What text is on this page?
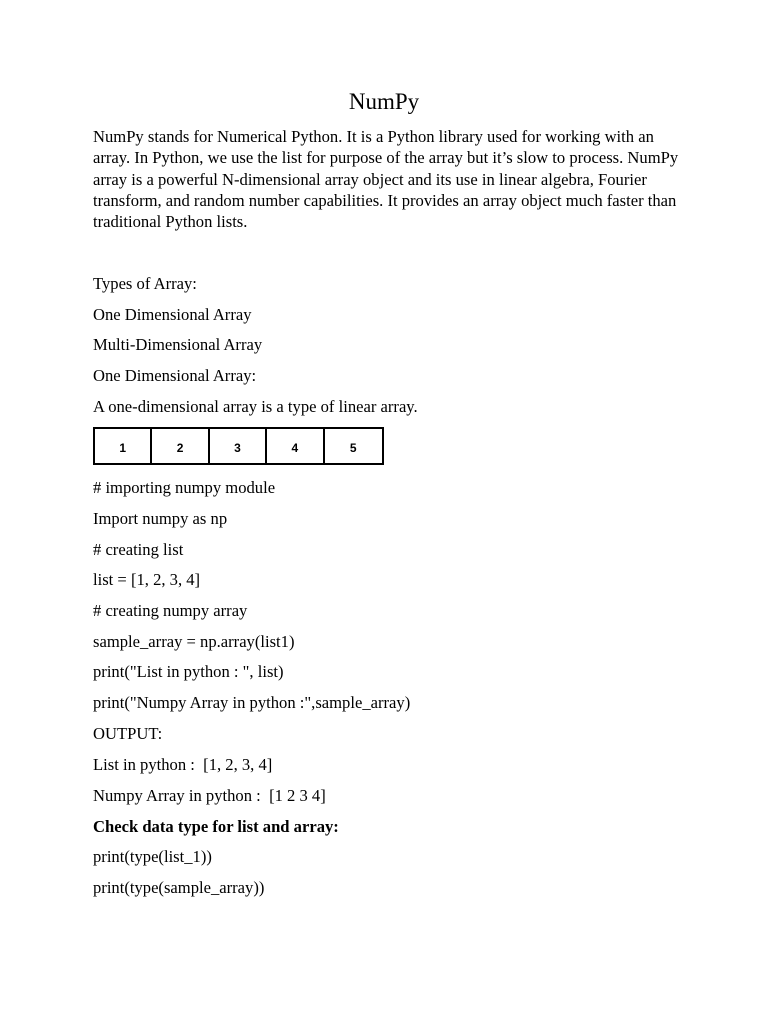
NumPy

NumPy stands for Numerical Python. It is a Python library used for working with an array. In Python, we use the list for purpose of the array but it’s slow to process. NumPy array is a powerful N-dimensional array object and its use in linear algebra, Fourier transform, and random number capabilities. It provides an array object much faster than traditional Python lists.

Types of Array:

One Dimensional Array

Multi-Dimensional Array

One Dimensional Array:

A one-dimensional array is a type of linear array.

1	2	3	4	5

# importing numpy module

Import numpy as np

# creating list

list = [1, 2, 3, 4]

# creating numpy array

sample_array = np.array(list1)

print("List in python : ", list)

print("Numpy Array in python :",sample_array)

OUTPUT:

List in python :  [1, 2, 3, 4]

Numpy Array in python :  [1 2 3 4]

Check data type for list and array:

print(type(list_1))

print(type(sample_array))
